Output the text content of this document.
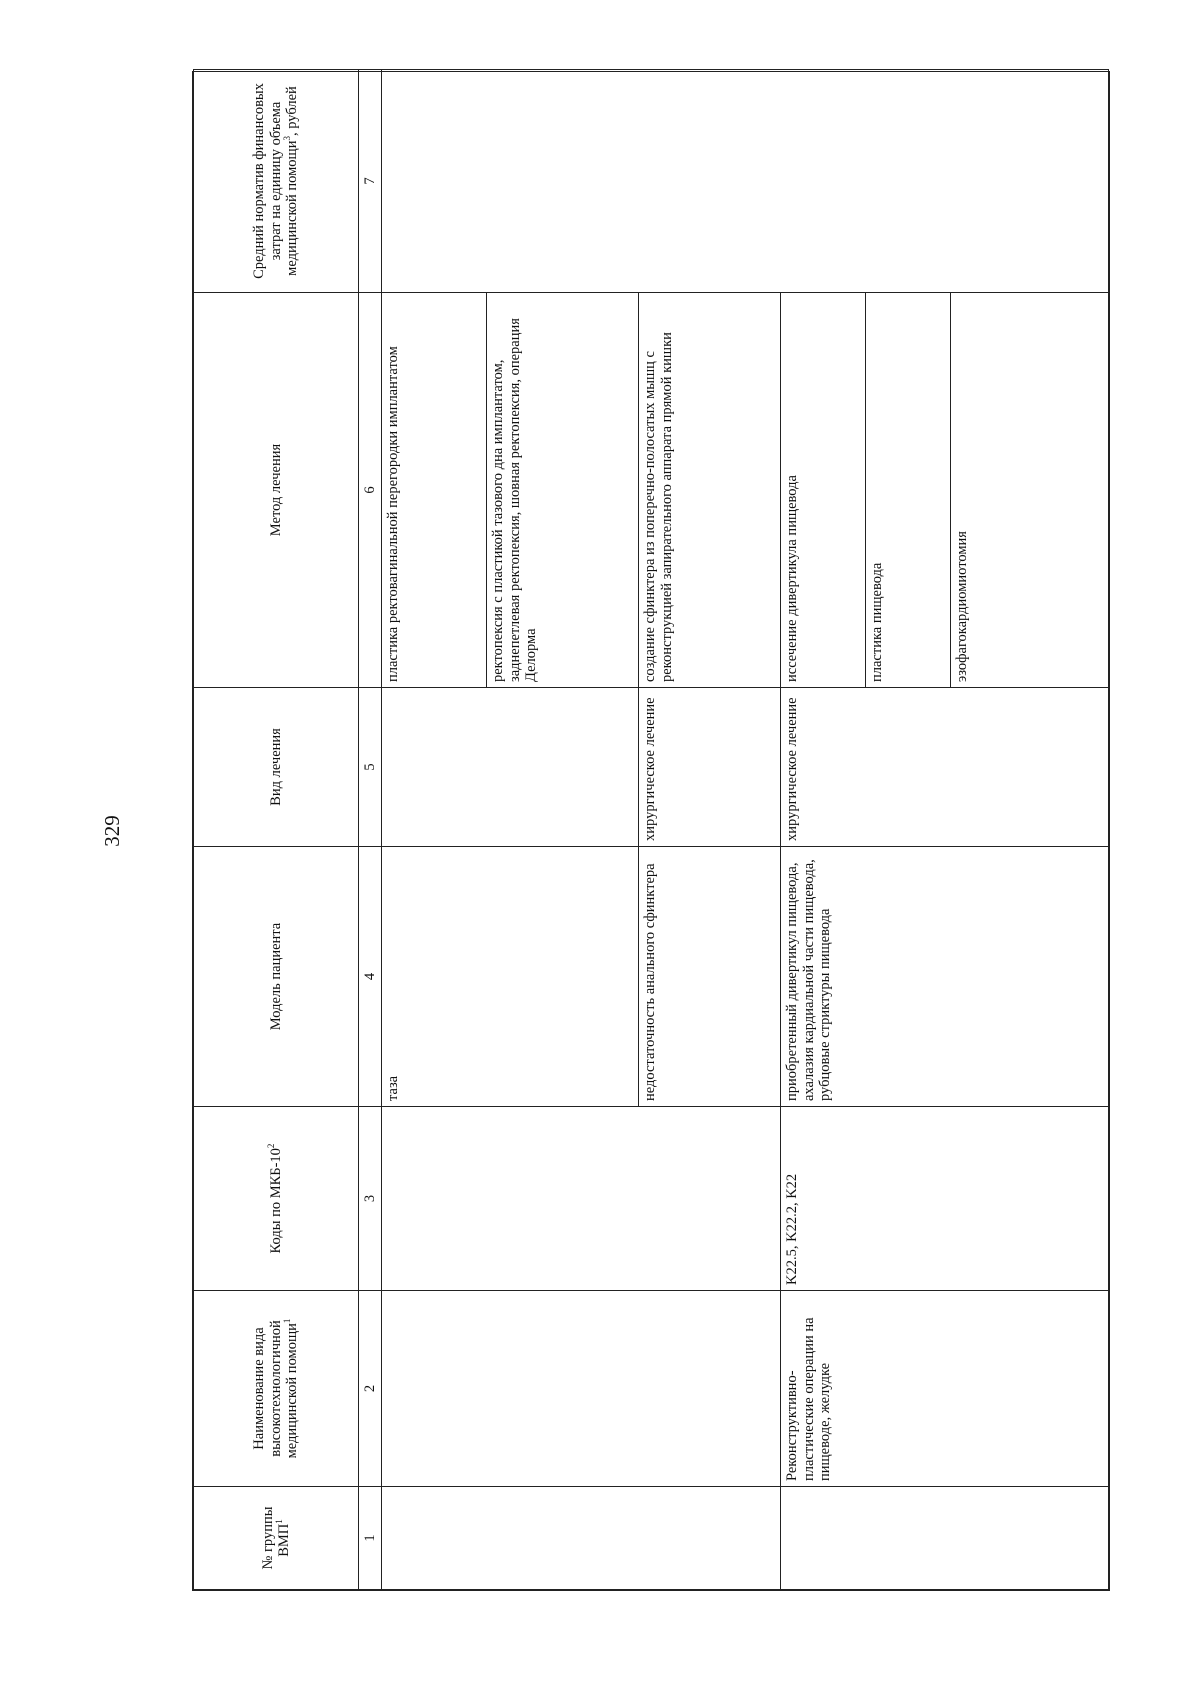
329
№ группы ВМП$^1$	Наименование вида высокотехнологичной медицинской помощи$^1$	Коды по МКБ-$10^2$	Модель пациента	Вид лечения	Метод лечения	Средний норматив финансовых затрат на единицу объема медицинской помощи$^3$, рублей
1	2	3	4	5	6	7
			таза		пластика ректовагинальной перегородки имплантатом	
					ректопексия с пластикой тазового дна имплантатом, заднепетлевая ректопексия, шовная ректопексия, операция Делорма	
			недостаточность анального сфинктера	хирургическое лечение	создание сфинктера из поперечно-полосатых мышц с реконструкцией запирательного аппарата прямой кишки	
	Реконструктивно-пластические операции на пищеводе, желудке	K22.5, K22.2, K22	приобретенный дивертикул пищевода, ахалазия кардиальной части пищевода, рубцовые стриктуры пищевода	хирургическое лечение	иссечение дивертикула пищевода	
					пластика пищевода	
					эзофагокардиомиотомия	
